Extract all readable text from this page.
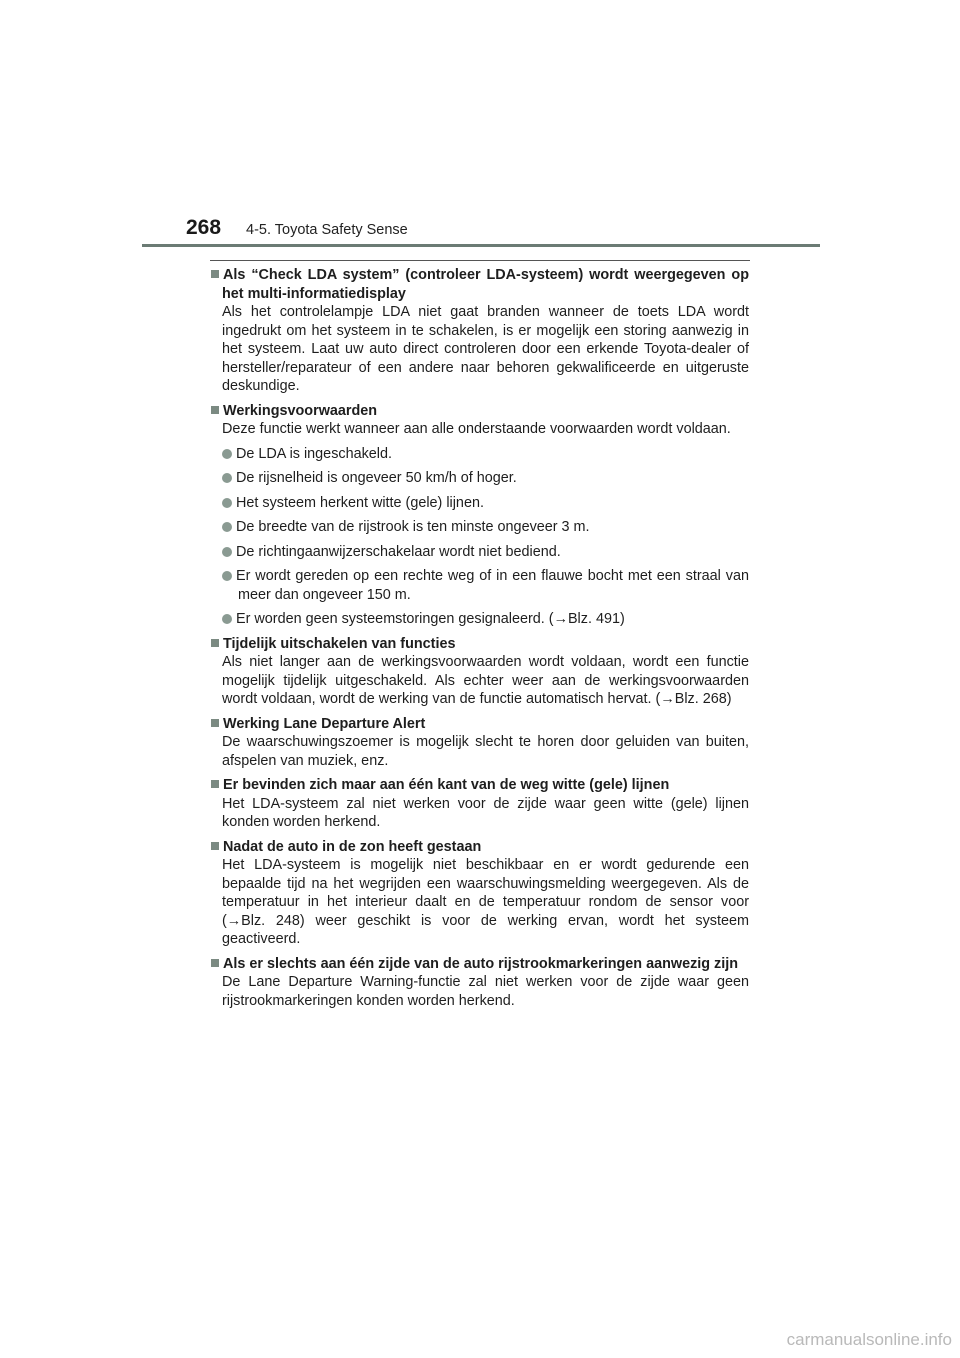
268 4-5. Toyota Safety Sense
Als “Check LDA system” (controleer LDA-systeem) wordt weergegeven op het multi-informatiedisplay
Als het controlelampje LDA niet gaat branden wanneer de toets LDA wordt ingedrukt om het systeem in te schakelen, is er mogelijk een storing aanwezig in het systeem. Laat uw auto direct controleren door een erkende Toyota-dealer of hersteller/reparateur of een andere naar behoren gekwalificeerde en uitgeruste deskundige.
Werkingsvoorwaarden
Deze functie werkt wanneer aan alle onderstaande voorwaarden wordt voldaan.
De LDA is ingeschakeld.
De rijsnelheid is ongeveer 50 km/h of hoger.
Het systeem herkent witte (gele) lijnen.
De breedte van de rijstrook is ten minste ongeveer 3 m.
De richtingaanwijzerschakelaar wordt niet bediend.
Er wordt gereden op een rechte weg of in een flauwe bocht met een straal van meer dan ongeveer 150 m.
Er worden geen systeemstoringen gesignaleerd. (→Blz. 491)
Tijdelijk uitschakelen van functies
Als niet langer aan de werkingsvoorwaarden wordt voldaan, wordt een functie mogelijk tijdelijk uitgeschakeld. Als echter weer aan de werkingsvoorwaarden wordt voldaan, wordt de werking van de functie automatisch hervat. (→Blz. 268)
Werking Lane Departure Alert
De waarschuwingszoemer is mogelijk slecht te horen door geluiden van buiten, afspelen van muziek, enz.
Er bevinden zich maar aan één kant van de weg witte (gele) lijnen
Het LDA-systeem zal niet werken voor de zijde waar geen witte (gele) lijnen konden worden herkend.
Nadat de auto in de zon heeft gestaan
Het LDA-systeem is mogelijk niet beschikbaar en er wordt gedurende een bepaalde tijd na het wegrijden een waarschuwingsmelding weergegeven. Als de temperatuur in het interieur daalt en de temperatuur rondom de sensor voor (→Blz. 248) weer geschikt is voor de werking ervan, wordt het systeem geactiveerd.
Als er slechts aan één zijde van de auto rijstrookmarkeringen aanwezig zijn
De Lane Departure Warning-functie zal niet werken voor de zijde waar geen rijstrookmarkeringen konden worden herkend.
carmanualsonline.info
